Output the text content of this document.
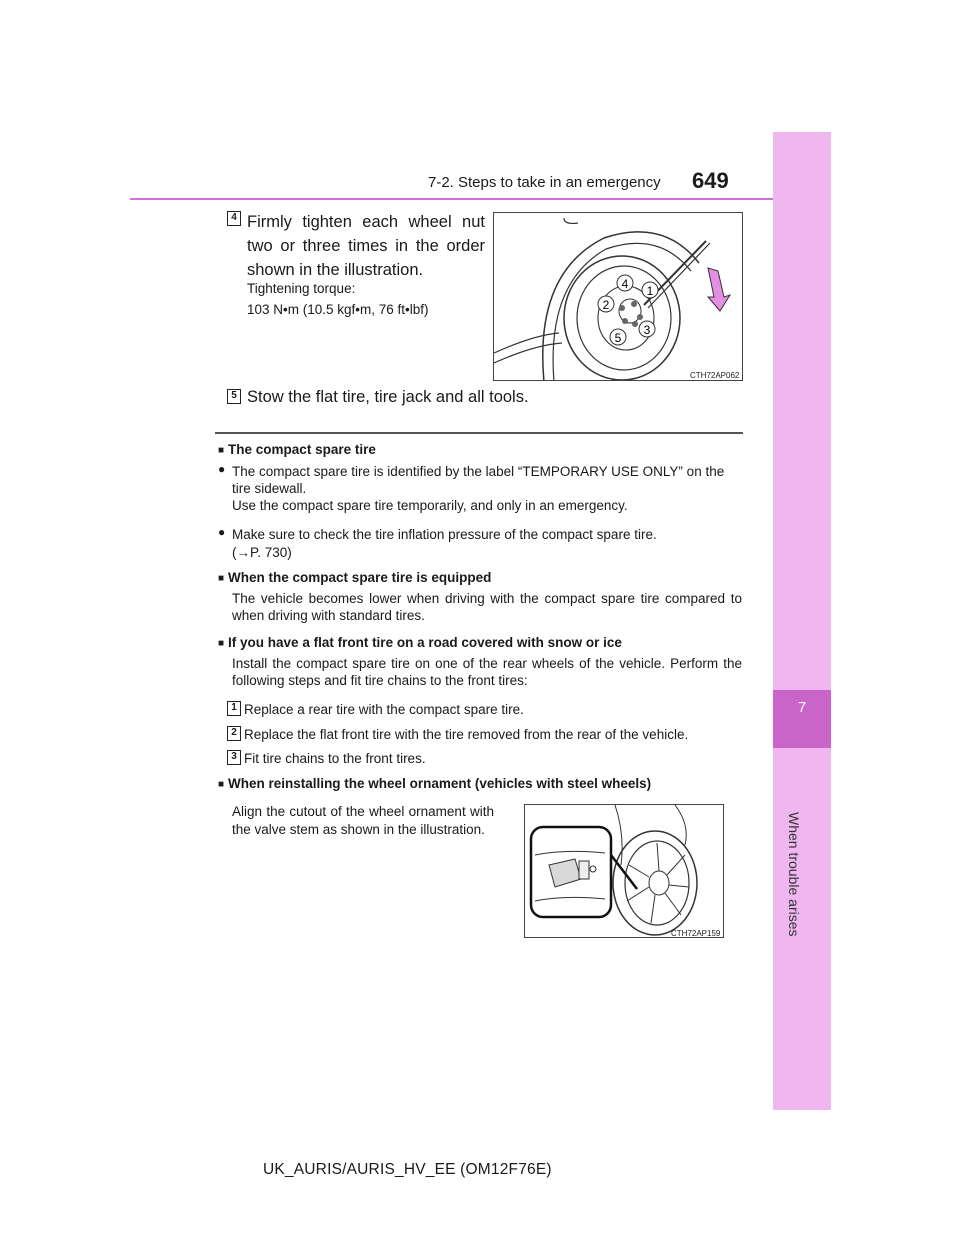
7-2. Steps to take in an emergency 649
7
When trouble arises
4 Firmly tighten each wheel nut two or three times in the order shown in the illustration.
Tightening torque:
103 N•m (10.5 kgf•m, 76 ft•lbf)
4 1
2
3
5
CTH72AP062
5 Stow the flat tire, tire jack and all tools.
■ The compact spare tire
● The compact spare tire is identified by the label “TEMPORARY USE ONLY” on the tire sidewall.
Use the compact spare tire temporarily, and only in an emergency.
● Make sure to check the tire inflation pressure of the compact spare tire.
(→P. 730)
■ When the compact spare tire is equipped
The vehicle becomes lower when driving with the compact spare tire compared to when driving with standard tires.
■ If you have a flat front tire on a road covered with snow or ice
Install the compact spare tire on one of the rear wheels of the vehicle. Perform the following steps and fit tire chains to the front tires:
1 Replace a rear tire with the compact spare tire.
2 Replace the flat front tire with the tire removed from the rear of the vehicle.
3 Fit tire chains to the front tires.
■ When reinstalling the wheel ornament (vehicles with steel wheels)
Align the cutout of the wheel ornament with the valve stem as shown in the illustration.
CTH72AP159
UK_AURIS/AURIS_HV_EE (OM12F76E)
